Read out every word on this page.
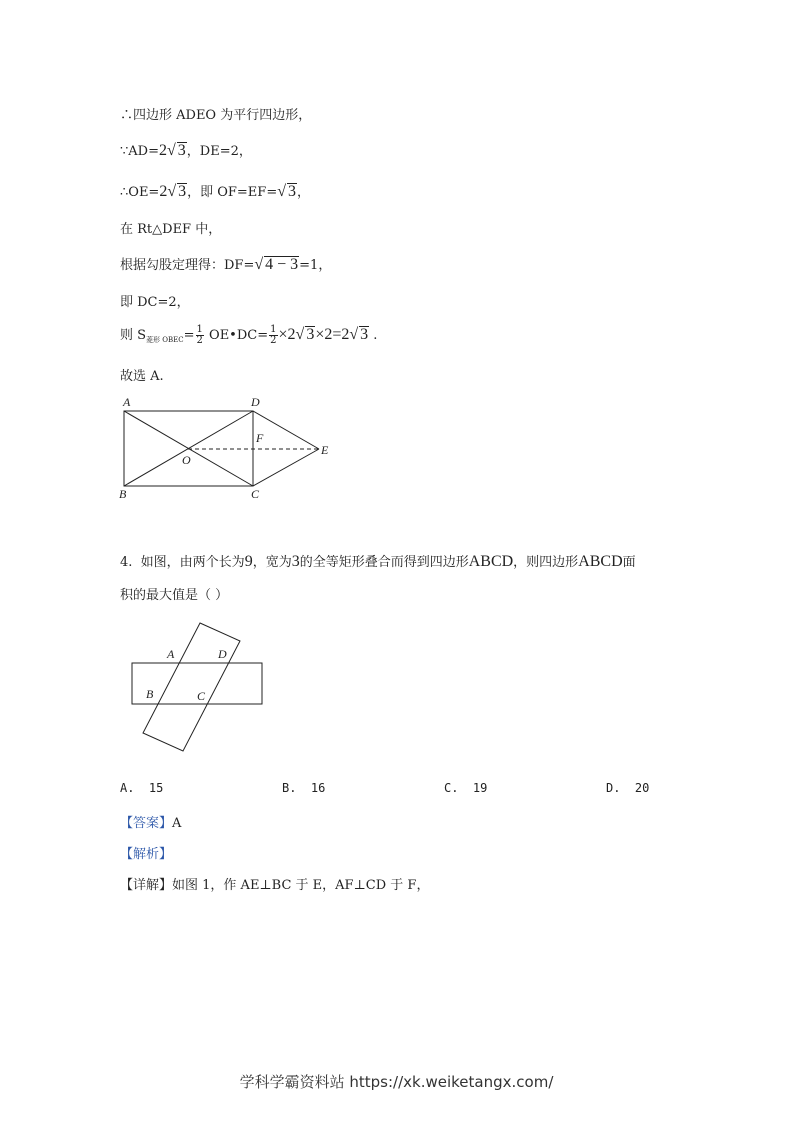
∴四边形 ADEO 为平行四边形，
∵AD=2√ 3，DE=2，
∴OE=2√ 3，即 OF=EF=√ 3，
在 Rt△DEF 中，
根据勾股定理得：DF=√ 4 − 3=1，
即 DC=2，
则 $S_{菱形 OBEC}= \frac{1}{2}$ OE•DC= $\frac{1}{2} \times 2√$ 3×2=2√ 3 .
故选 A.
A	D
F
O
E
B	C
4. 如图，由两个长为9，宽为3的全等矩形叠合而得到四边形ABCD，则四边形ABCD面
积的最大值是（ ）
A	D
B	C
A. 15	B. 16	C. 19	D. 20
【答案】A
【解析】
【详解】如图 1，作 AE⊥BC 于 E，AF⊥CD 于 F，
学科学霸资料站 https://xk.weiketangx.com/
